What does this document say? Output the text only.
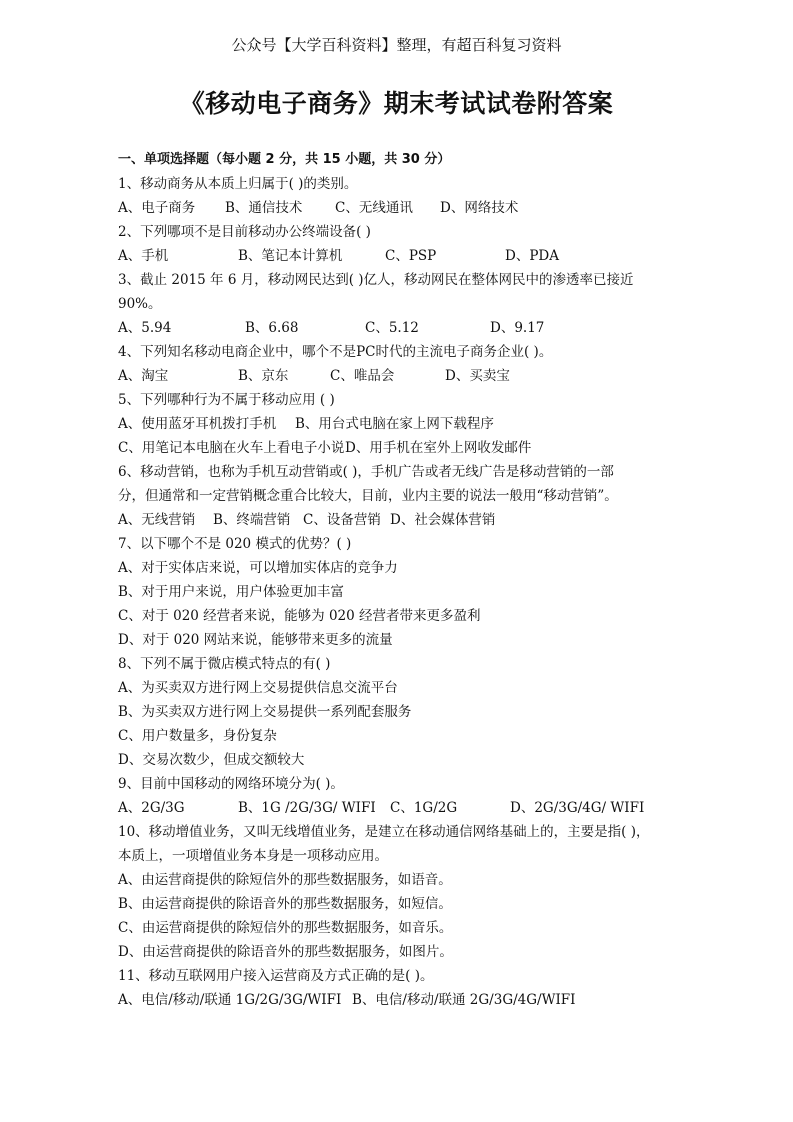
公众号【大学百科资料】整理，有超百科复习资料
《移动电子商务》期末考试试卷附答案
一、单项选择题（每小题 2 分，共 15 小题，共 30 分）
1、移动商务从本质上归属于( )的类别。
A、电子商务 B、通信技术 C、无线通讯 D、网络技术
2、下列哪项不是目前移动办公终端设备( )
A、手机	B、笔记本计算机	C、PSP	D、PDA
3、截止 2015 年 6 月，移动网民达到( )亿人，移动网民在整体网民中的渗透率已接近
90%。
A、5.94	B、6.68	C、5.12	D、9.17
4、下列知名移动电商企业中，哪个不是PC时代的主流电子商务企业( )。
A、淘宝	B、京东	C、唯品会	D、买卖宝
5、下列哪种行为不属于移动应用 ( )
A、使用蓝牙耳机拨打手机 B、用台式电脑在家上网下载程序
C、用笔记本电脑在火车上看电子小说 D、用手机在室外上网收发邮件
6、移动营销，也称为手机互动营销或( )，手机广告或者无线广告是移动营销的一部
分，但通常和一定营销概念重合比较大，目前，业内主要的说法一般用“移动营销”。
A、无线营销 B、终端营销 C、设备营销 D、社会媒体营销
7、以下哪个不是 020 模式的优势？( )
A、对于实体店来说，可以增加实体店的竞争力
B、对于用户来说，用户体验更加丰富
C、对于 020 经营者来说，能够为 020 经营者带来更多盈利
D、对于 020 网站来说，能够带来更多的流量
8、下列不属于微店模式特点的有( )
A、为买卖双方进行网上交易提供信息交流平台
B、为买卖双方进行网上交易提供一系列配套服务
C、用户数量多，身份复杂
D、交易次数少，但成交额较大
9、目前中国移动的网络环境分为( )。
A、2G/3G	B、1G /2G/3G/ WIFI C、1G/2G	D、2G/3G/4G/ WIFI
10、移动增值业务，又叫无线增值业务，是建立在移动通信网络基础上的，主要是指( )，
本质上，一项增值业务本身是一项移动应用。
A、由运营商提供的除短信外的那些数据服务，如语音。
B、由运营商提供的除语音外的那些数据服务，如短信。
C、由运营商提供的除短信外的那些数据服务，如音乐。
D、由运营商提供的除语音外的那些数据服务，如图片。
11、移动互联网用户接入运营商及方式正确的是( )。
A、电信/移动/联通 1G/2G/3G/WIFI B、电信/移动/联通 2G/3G/4G/WIFI
